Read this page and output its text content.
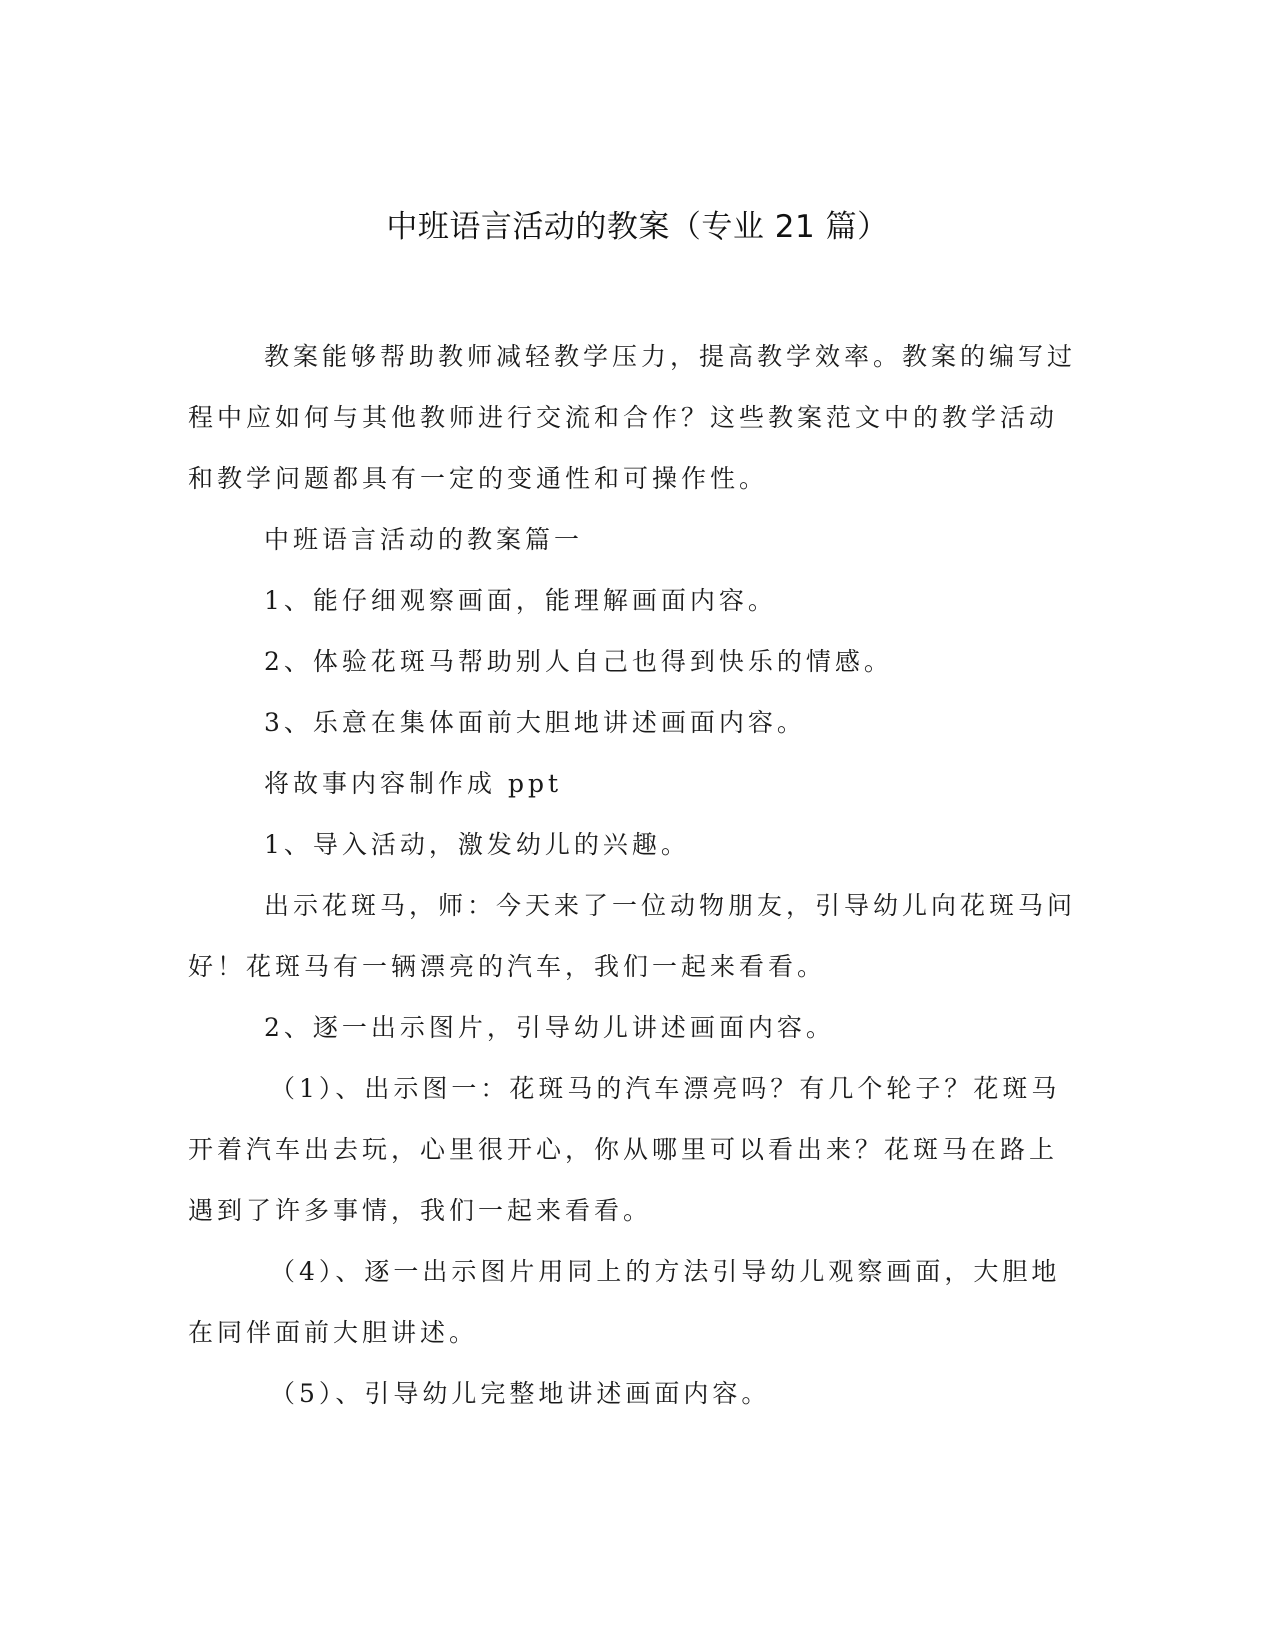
中班语言活动的教案（专业 21 篇）

教案能够帮助教师减轻教学压力，提高教学效率。教案的编写过程中应如何与其他教师进行交流和合作？这些教案范文中的教学活动和教学问题都具有一定的变通性和可操作性。

中班语言活动的教案篇一

1、能仔细观察画面，能理解画面内容。

2、体验花斑马帮助别人自己也得到快乐的情感。

3、乐意在集体面前大胆地讲述画面内容。

将故事内容制作成 ppt

1、导入活动，激发幼儿的兴趣。

出示花斑马，师：今天来了一位动物朋友，引导幼儿向花斑马问好！花斑马有一辆漂亮的汽车，我们一起来看看。

2、逐一出示图片，引导幼儿讲述画面内容。

（1）、出示图一：花斑马的汽车漂亮吗？有几个轮子？花斑马开着汽车出去玩，心里很开心，你从哪里可以看出来？花斑马在路上遇到了许多事情，我们一起来看看。

（4）、逐一出示图片用同上的方法引导幼儿观察画面，大胆地在同伴面前大胆讲述。

（5）、引导幼儿完整地讲述画面内容。
